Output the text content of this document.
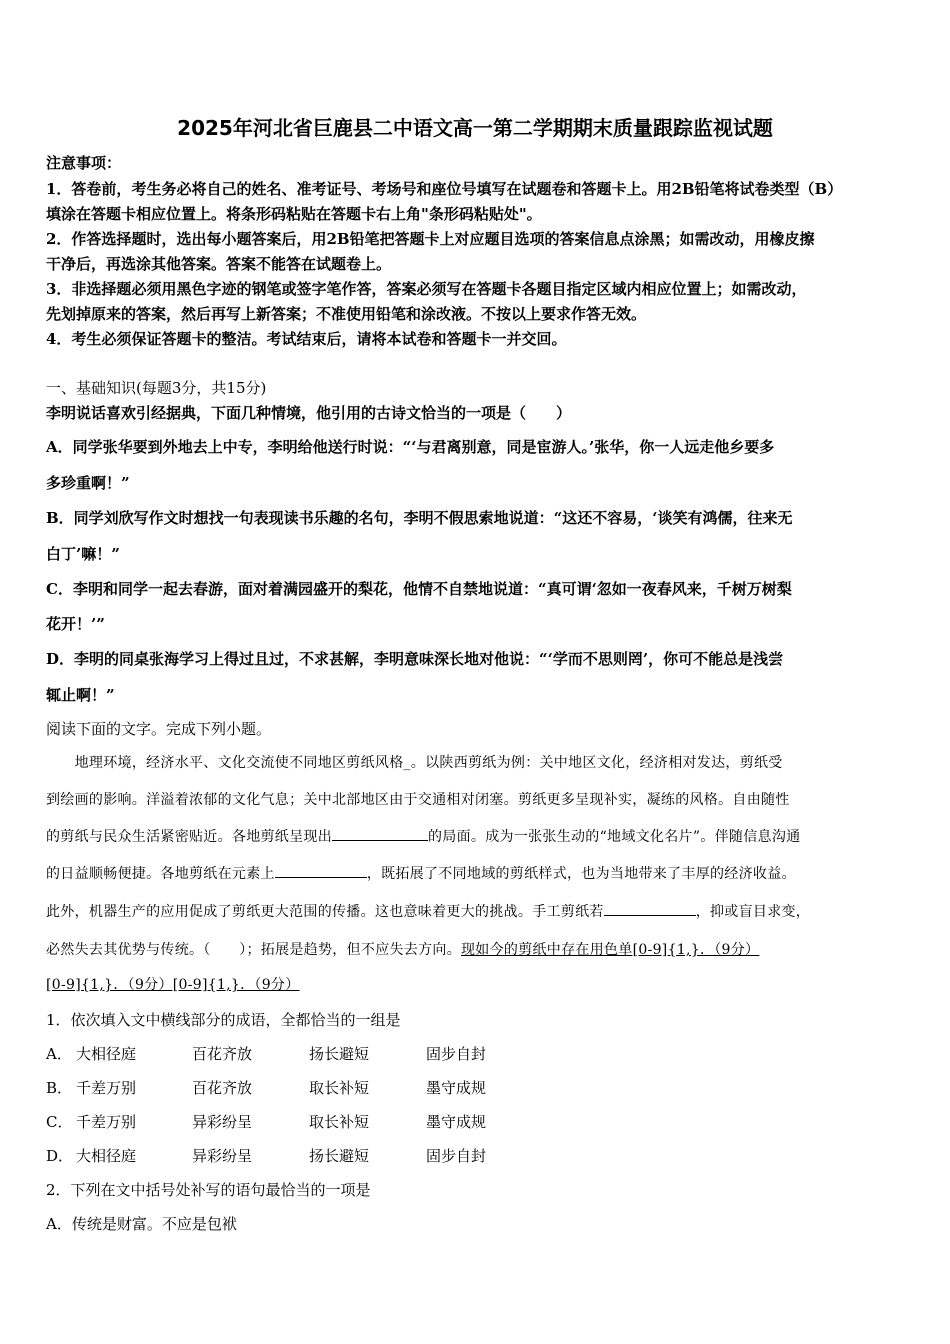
2025年河北省巨鹿县二中语文高一第二学期期末质量跟踪监视试题
注意事项：
1．答卷前，考生务必将自己的姓名、准考证号、考场号和座位号填写在试题卷和答题卡上。用2B铅笔将试卷类型（B）
填涂在答题卡相应位置上。将条形码粘贴在答题卡右上角"条形码粘贴处"。
2．作答选择题时，选出每小题答案后，用2B铅笔把答题卡上对应题目选项的答案信息点涂黑；如需改动，用橡皮擦
干净后，再选涂其他答案。答案不能答在试题卷上。
3．非选择题必须用黑色字迹的钢笔或签字笔作答，答案必须写在答题卡各题目指定区域内相应位置上；如需改动，
先划掉原来的答案，然后再写上新答案；不准使用铅笔和涂改液。不按以上要求作答无效。
4．考生必须保证答题卡的整洁。考试结束后，请将本试卷和答题卡一并交回。
一、基础知识(每题3分，共15分)
李明说话喜欢引经据典，下面几种情境，他引用的古诗文恰当的一项是（　　）
A．同学张华要到外地去上中专，李明给他送行时说：“‘与君离别意，同是宦游人。’张华，你一人远走他乡要多
多珍重啊！”
B．同学刘欣写作文时想找一句表现读书乐趣的名句，李明不假思索地说道：“这还不容易，‘谈笑有鸿儒，往来无
白丁’嘛！”
C．李明和同学一起去春游，面对着满园盛开的梨花，他情不自禁地说道：“真可谓‘忽如一夜春风来，千树万树梨
花开！’”
D．李明的同桌张海学习上得过且过，不求甚解，李明意味深长地对他说：“‘学而不思则罔’，你可不能总是浅尝
辄止啊！”
阅读下面的文字。完成下列小题。
　　地理环境，经济水平、文化交流使不同地区剪纸风格_。以陕西剪纸为例：关中地区文化，经济相对发达，剪纸受
到绘画的影响。洋溢着浓郁的文化气息；关中北部地区由于交通相对闭塞。剪纸更多呈现补实，凝练的风格。自由随性
的剪纸与民众生活紧密贴近。各地剪纸呈现出	的局面。成为一张张生动的“地域文化名片”。伴随信息沟通
的日益顺畅便捷。各地剪纸在元素上	，既拓展了不同地域的剪纸样式，也为当地带来了丰厚的经济收益。
此外，机器生产的应用促成了剪纸更大范围的传播。这也意味着更大的挑战。手工剪纸若	，抑或盲目求变，
必然失去其优势与传统。（　　）；拓展是趋势，但不应失去方向。现如今的剪纸中存在用色单[0-9]{1,}．（9分）
[0-9]{1,}．（9分）[0-9]{1,}．（9分）
1．依次填入文中横线部分的成语，全都恰当的一组是
A． 大相径庭	百花齐放	扬长避短	固步自封
B． 千差万别	百花齐放	取长补短	墨守成规
C． 千差万别	异彩纷呈	取长补短	墨守成规
D． 大相径庭	异彩纷呈	扬长避短	固步自封
2．下列在文中括号处补写的语句最恰当的一项是
A．传统是财富。不应是包袱
